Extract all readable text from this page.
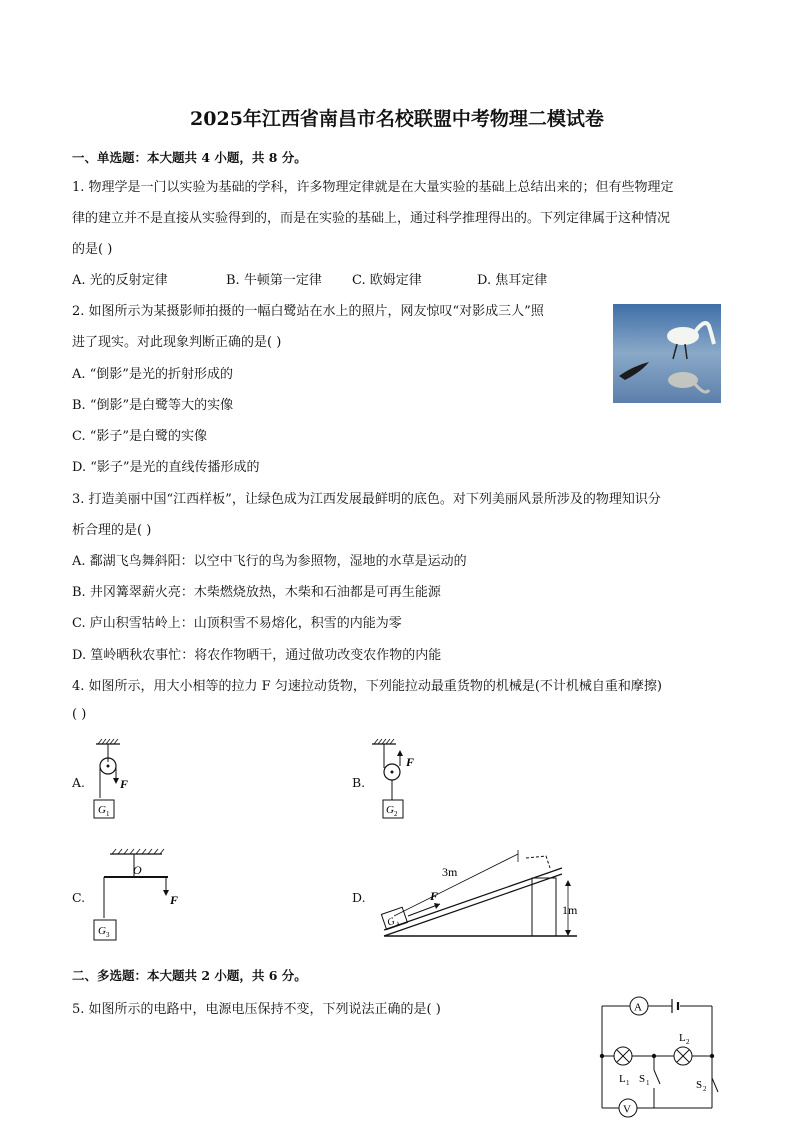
2025年江西省南昌市名校联盟中考物理二模试卷
一、单选题：本大题共 4 小题，共 8 分。
1. 物理学是一门以实验为基础的学科，许多物理定律就是在大量实验的基础上总结出来的；但有些物理定
律的建立并不是直接从实验得到的，而是在实验的基础上，通过科学推理得出的。下列定律属于这种情况
的是( )
A. 光的反射定律	B. 牛顿第一定律 C. 欧姆定律	D. 焦耳定律
2. 如图所示为某摄影师拍摄的一幅白鹭站在水上的照片，网友惊叹“对影成三人”照
进了现实。对此现象判断正确的是( )
A. “倒影”是光的折射形成的
B. “倒影”是白鹭等大的实像
C. “影子”是白鹭的实像
D. “影子”是光的直线传播形成的
3. 打造美丽中国“江西样板”，让绿色成为江西发展最鲜明的底色。对下列美丽风景所涉及的物理知识分
析合理的是( )
A. 鄱湖飞鸟舞斜阳：以空中飞行的鸟为参照物，湿地的水草是运动的
B. 井冈篝翠薪火亮：木柴燃烧放热，木柴和石油都是可再生能源
C. 庐山积雪牯岭上：山顶积雪不易熔化，积雪的内能为零
D. 篁岭晒秋农事忙：将农作物晒干，通过做功改变农作物的内能
4. 如图所示，用大小相等的拉力 F 匀速拉动货物，下列能拉动最重货物的机械是(不计机械自重和摩擦)
( )
A.	B.
C.	D.
F
G 1
F
G 2
O
F
G 3
3m
1m
G 4
F
二、多选题：本大题共 2 小题，共 6 分。
5. 如图所示的电路中，电源电压保持不变，下列说法正确的是( )	A
V
L 1
L 2
S 1	S 2
